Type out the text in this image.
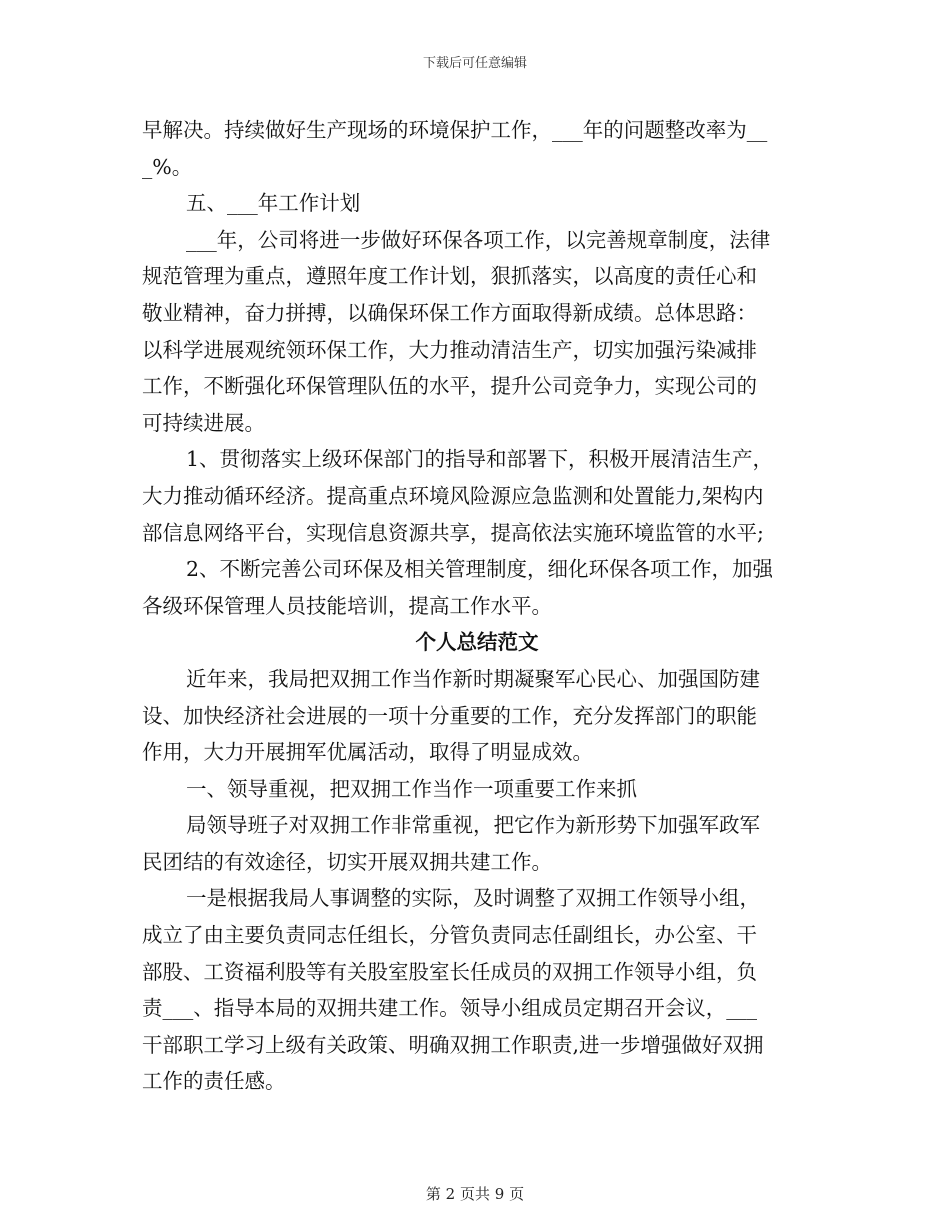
下载后可任意编辑
早解决。持续做好生产现场的环境保护工作，___年的问题整改率为__
_%。
五、___年工作计划
___年，公司将进一步做好环保各项工作，以完善规章制度，法律
规范管理为重点，遵照年度工作计划，狠抓落实，以高度的责任心和
敬业精神，奋力拼搏，以确保环保工作方面取得新成绩。总体思路：
以科学进展观统领环保工作，大力推动清洁生产，切实加强污染减排
工作，不断强化环保管理队伍的水平，提升公司竞争力，实现公司的
可持续进展。
1、贯彻落实上级环保部门的指导和部署下，积极开展清洁生产，
大力推动循环经济。提高重点环境风险源应急监测和处置能力,架构内
部信息网络平台，实现信息资源共享，提高依法实施环境监管的水平;
2、不断完善公司环保及相关管理制度，细化环保各项工作，加强
各级环保管理人员技能培训，提高工作水平。
个人总结范文
近年来，我局把双拥工作当作新时期凝聚军心民心、加强国防建
设、加快经济社会进展的一项十分重要的工作，充分发挥部门的职能
作用，大力开展拥军优属活动，取得了明显成效。
一、领导重视，把双拥工作当作一项重要工作来抓
局领导班子对双拥工作非常重视，把它作为新形势下加强军政军
民团结的有效途径，切实开展双拥共建工作。
一是根据我局人事调整的实际，及时调整了双拥工作领导小组，
成立了由主要负责同志任组长，分管负责同志任副组长，办公室、干
部股、工资福利股等有关股室股室长任成员的双拥工作领导小组，负
责___、指导本局的双拥共建工作。领导小组成员定期召开会议，___
干部职工学习上级有关政策、明确双拥工作职责,进一步增强做好双拥
工作的责任感。
第 2 页共 9 页
